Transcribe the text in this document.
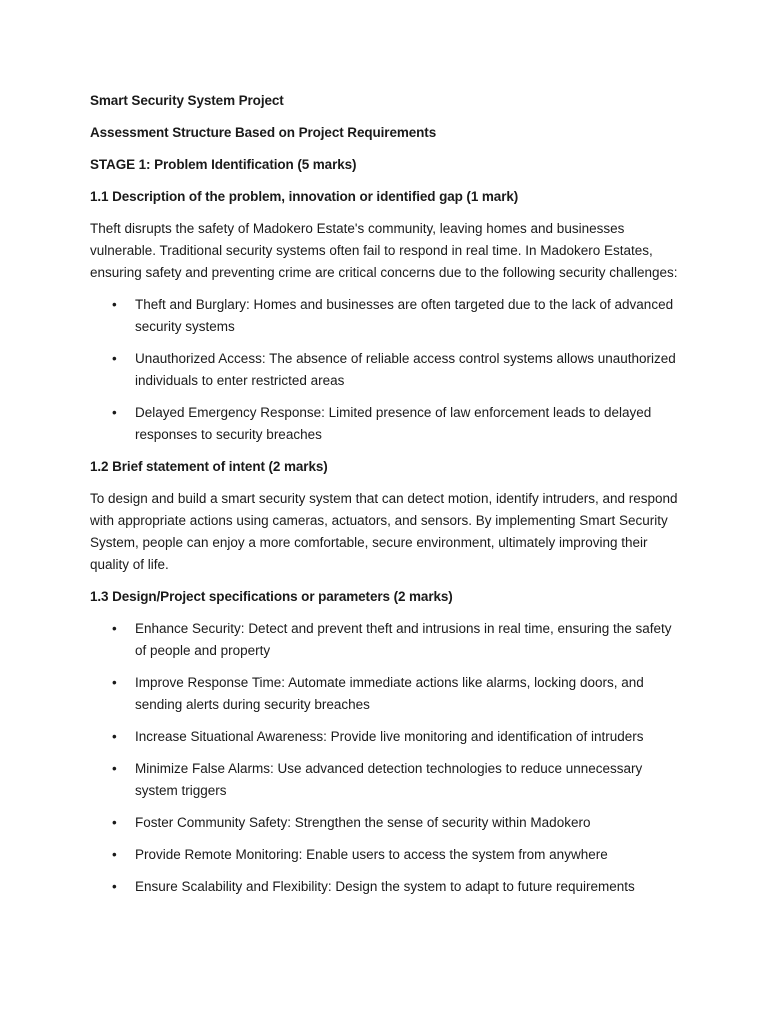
Smart Security System Project
Assessment Structure Based on Project Requirements
STAGE 1: Problem Identification (5 marks)
1.1 Description of the problem, innovation or identified gap (1 mark)
Theft disrupts the safety of Madokero Estate's community, leaving homes and businesses vulnerable. Traditional security systems often fail to respond in real time. In Madokero Estates, ensuring safety and preventing crime are critical concerns due to the following security challenges:
• Theft and Burglary: Homes and businesses are often targeted due to the lack of advanced security systems
• Unauthorized Access: The absence of reliable access control systems allows unauthorized individuals to enter restricted areas
• Delayed Emergency Response: Limited presence of law enforcement leads to delayed responses to security breaches
1.2 Brief statement of intent (2 marks)
To design and build a smart security system that can detect motion, identify intruders, and respond with appropriate actions using cameras, actuators, and sensors. By implementing Smart Security System, people can enjoy a more comfortable, secure environment, ultimately improving their quality of life.
1.3 Design/Project specifications or parameters (2 marks)
• Enhance Security: Detect and prevent theft and intrusions in real time, ensuring the safety of people and property
• Improve Response Time: Automate immediate actions like alarms, locking doors, and sending alerts during security breaches
• Increase Situational Awareness: Provide live monitoring and identification of intruders
• Minimize False Alarms: Use advanced detection technologies to reduce unnecessary system triggers
• Foster Community Safety: Strengthen the sense of security within Madokero
• Provide Remote Monitoring: Enable users to access the system from anywhere
• Ensure Scalability and Flexibility: Design the system to adapt to future requirements
